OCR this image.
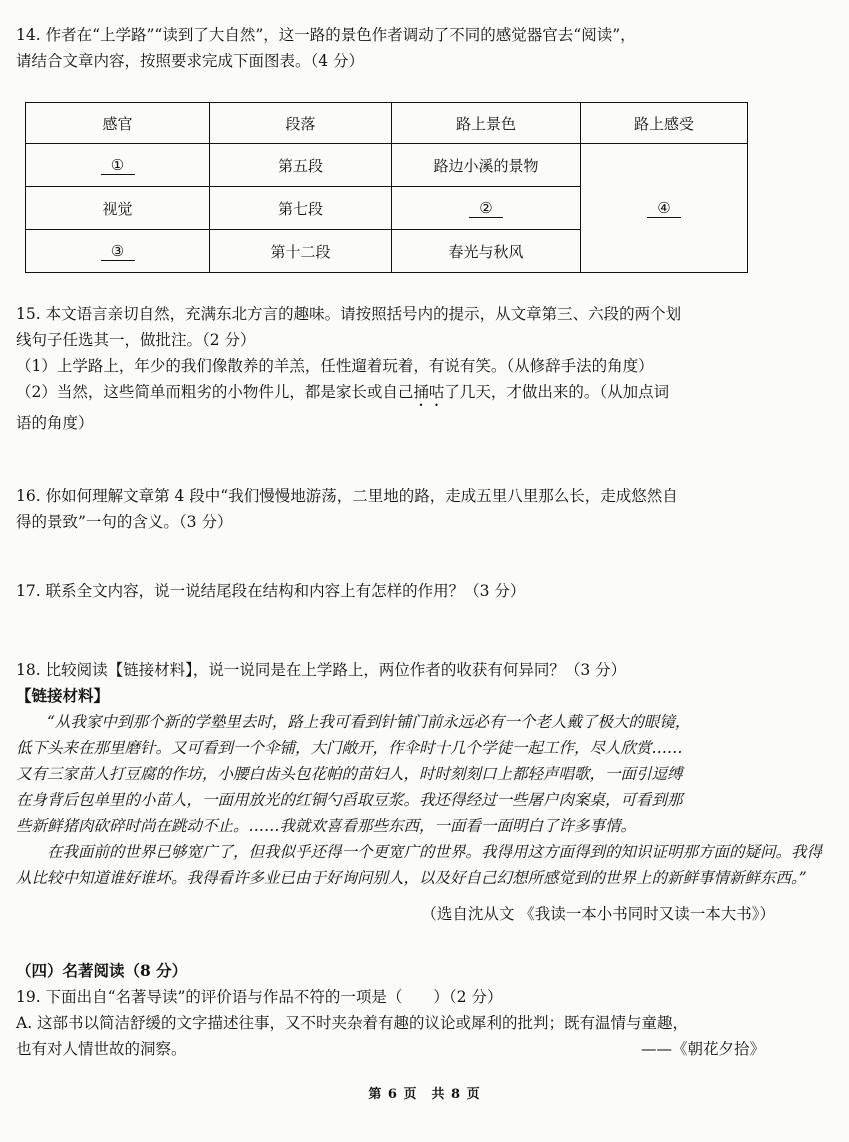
14. 作者在“上学路”“读到了大自然”，这一路的景色作者调动了不同的感觉器官去“阅读”，

请结合文章内容，按照要求完成下面图表。（4 分）

感官	段落	路上景色	路上感受
①	第五段	路边小溪的景物	④
视觉	第七段	②	
③	第十二段	春光与秋风	

15. 本文语言亲切自然，充满东北方言的趣味。请按照括号内的提示，从文章第三、六段的两个划

线句子任选其一，做批注。（2 分）

（1）上学路上，年少的我们像散养的羊羔，任性遛着玩着，有说有笑。（从修辞手法的角度）

（2）当然，这些简单而粗劣的小物件儿，都是家长或自己捅咕了几天，才做出来的。（从加点词

语的角度）

16. 你如何理解文章第 4 段中“我们慢慢地游荡，二里地的路，走成五里八里那么长，走成悠然自

得的景致”一句的含义。（3 分）

17. 联系全文内容，说一说结尾段在结构和内容上有怎样的作用？（3 分）

18. 比较阅读【链接材料】，说一说同是在上学路上，两位作者的收获有何异同？（3 分）

【链接材料】

“从我家中到那个新的学塾里去时，路上我可看到针铺门前永远必有一个老人戴了极大的眼镜，

低下头来在那里磨针。又可看到一个伞铺，大门敞开，作伞时十几个学徒一起工作，尽人欣赏……

又有三家苗人打豆腐的作坊，小腰白齿头包花帕的苗妇人，时时刻刻口上都轻声唱歌，一面引逗缚

在身背后包单里的小苗人，一面用放光的红铜勺舀取豆浆。我还得经过一些屠户肉案桌，可看到那

些新鲜猪肉砍碎时尚在跳动不止。……我就欢喜看那些东西，一面看一面明白了许多事情。

在我面前的世界已够宽广了，但我似乎还得一个更宽广的世界。我得用这方面得到的知识证明那方面的疑问。我得从比较中知道谁好谁坏。我得看许多业已由于好询问别人，以及好自己幻想所感觉到的世界上的新鲜事情新鲜东西。”

（选自沈从文 《我读一本小书同时又读一本大书》）

（四）名著阅读（8 分）

19. 下面出自“名著导读”的评价语与作品不符的一项是（　　）（2 分）

A. 这部书以简洁舒缓的文字描述往事，又不时夹杂着有趣的议论或犀利的批判；既有温情与童趣，

也有对人情世故的洞察。	——《朝花夕拾》

第 6 页　共 8 页
